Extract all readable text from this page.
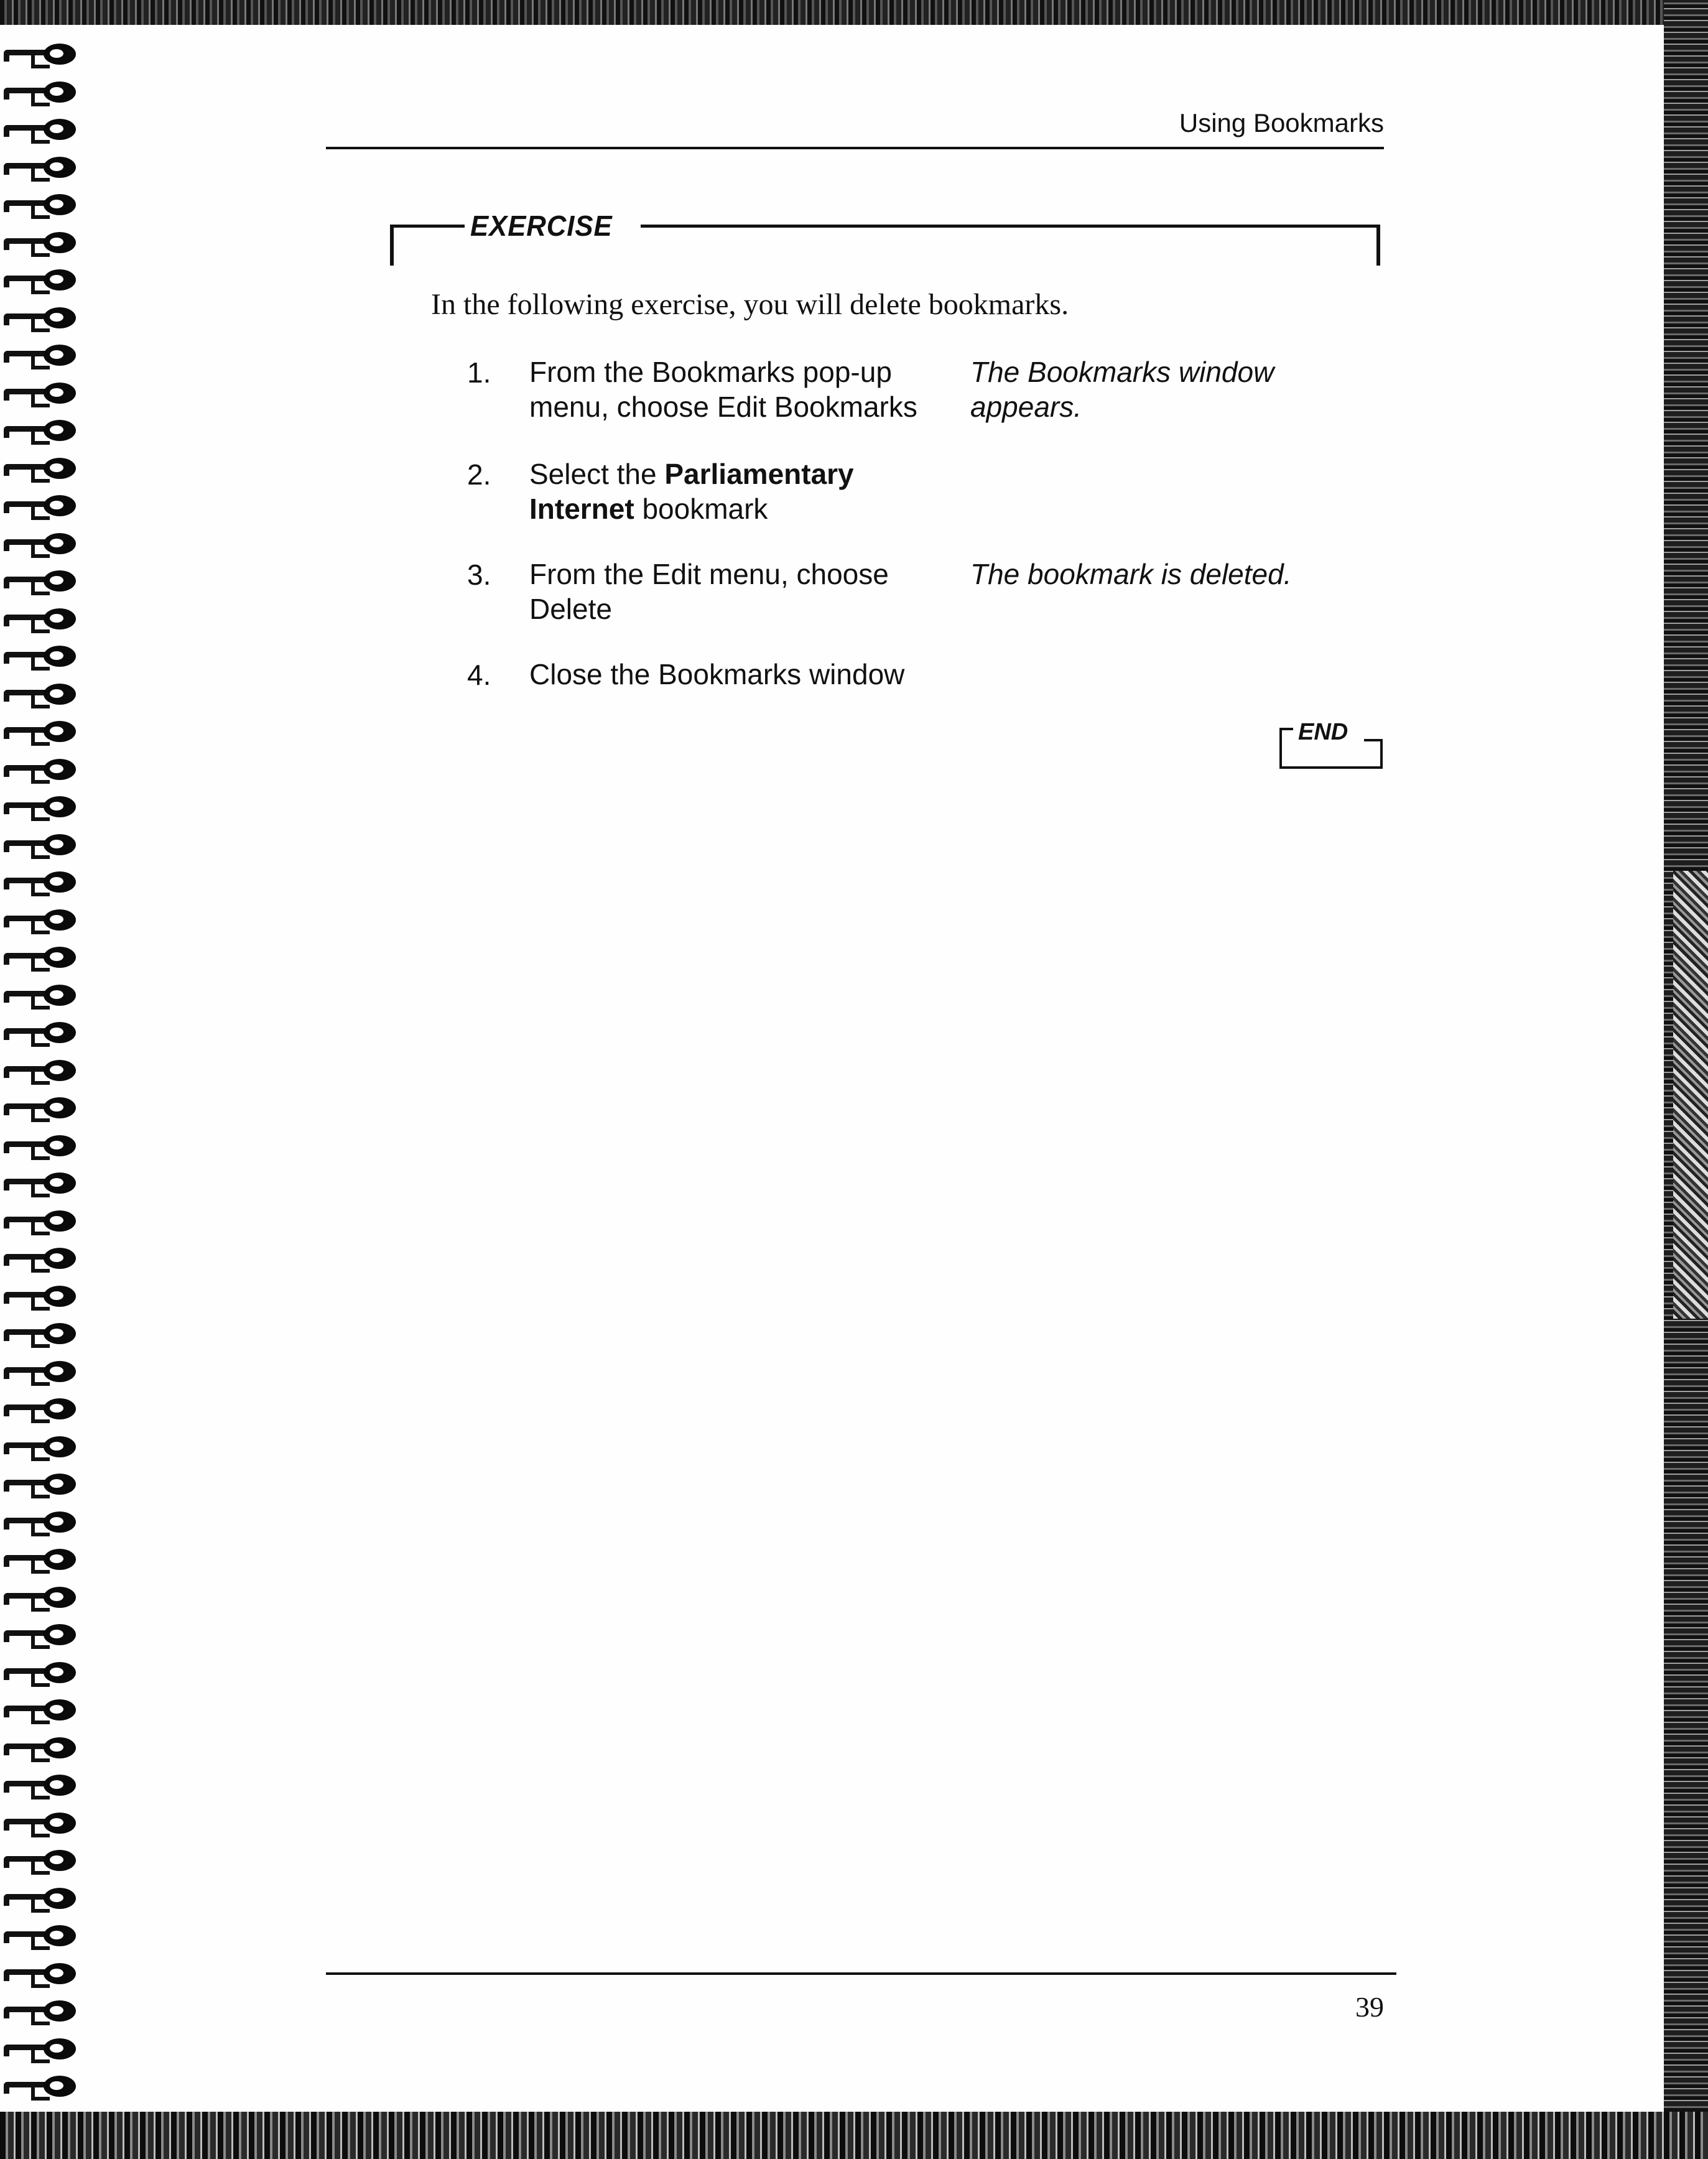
Using Bookmarks
EXERCISE
In the following exercise, you will delete bookmarks.
1. From the Bookmarks pop-up
menu, choose Edit Bookmarks
The Bookmarks window
appears.
2. Select the Parliamentary
Internet bookmark
3. From the Edit menu, choose
Delete
The bookmark is deleted.
4. Close the Bookmarks window
END
39
